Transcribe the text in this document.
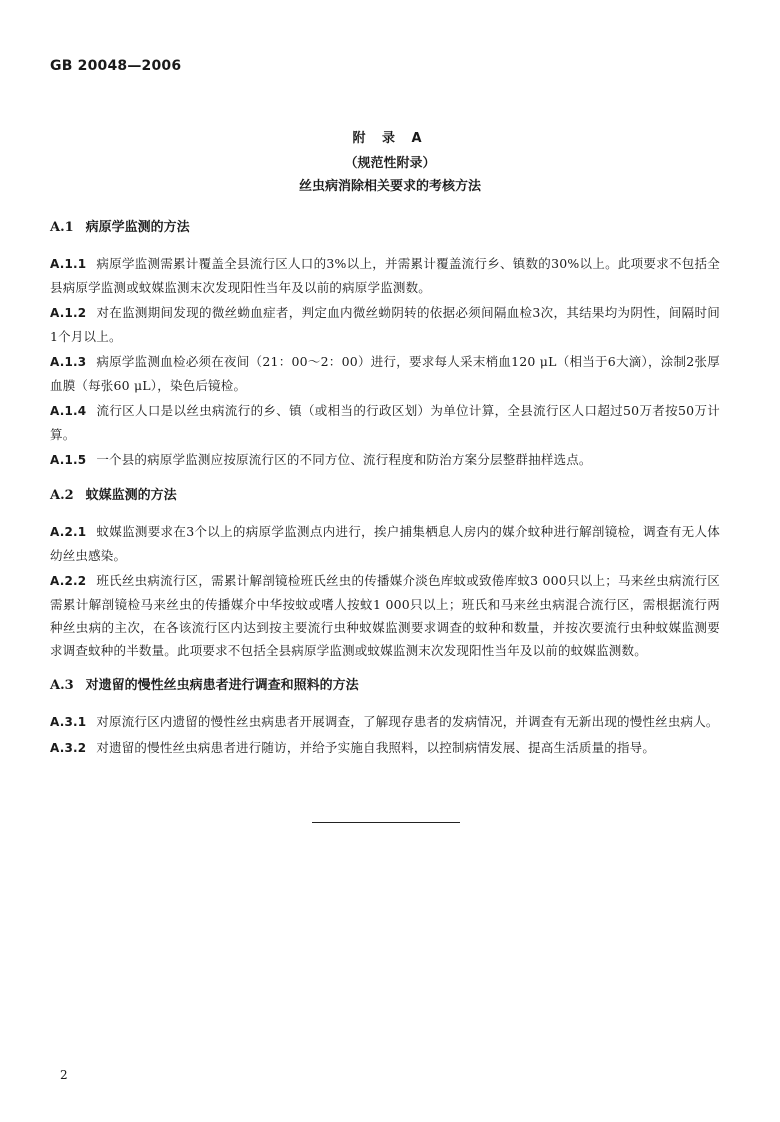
GB 20048—2006
附 录 A
（规范性附录）
丝虫病消除相关要求的考核方法
A.1 病原学监测的方法

A.1.1 病原学监测需累计覆盖全县流行区人口的3%以上，并需累计覆盖流行乡、镇数的30%以上。此项要求不包括全县病原学监测或蚊媒监测末次发现阳性当年及以前的病原学监测数。

A.1.2 对在监测期间发现的微丝蚴血症者，判定血内微丝蚴阴转的依据必须间隔血检3次，其结果均为阴性，间隔时间1个月以上。

A.1.3 病原学监测血检必须在夜间（21：00～2：00）进行，要求每人采末梢血120 μL（相当于6大滴），涂制2张厚血膜（每张60 μL），染色后镜检。

A.1.4 流行区人口是以丝虫病流行的乡、镇（或相当的行政区划）为单位计算，全县流行区人口超过50万者按50万计算。

A.1.5 一个县的病原学监测应按原流行区的不同方位、流行程度和防治方案分层整群抽样选点。

A.2 蚊媒监测的方法

A.2.1 蚊媒监测要求在3个以上的病原学监测点内进行，挨户捕集栖息人房内的媒介蚊种进行解剖镜检，调查有无人体幼丝虫感染。

A.2.2 班氏丝虫病流行区，需累计解剖镜检班氏丝虫的传播媒介淡色库蚊或致倦库蚊3 000只以上；马来丝虫病流行区需累计解剖镜检马来丝虫的传播媒介中华按蚊或嗜人按蚊1 000只以上；班氏和马来丝虫病混合流行区，需根据流行两种丝虫病的主次，在各该流行区内达到按主要流行虫种蚊媒监测要求调查的蚊种和数量，并按次要流行虫种蚊媒监测要求调查蚊种的半数量。此项要求不包括全县病原学监测或蚊媒监测末次发现阳性当年及以前的蚊媒监测数。

A.3 对遗留的慢性丝虫病患者进行调查和照料的方法

A.3.1 对原流行区内遗留的慢性丝虫病患者开展调查，了解现存患者的发病情况，并调查有无新出现的慢性丝虫病人。

A.3.2 对遗留的慢性丝虫病患者进行随访，并给予实施自我照料，以控制病情发展、提高生活质量的指导。

2
